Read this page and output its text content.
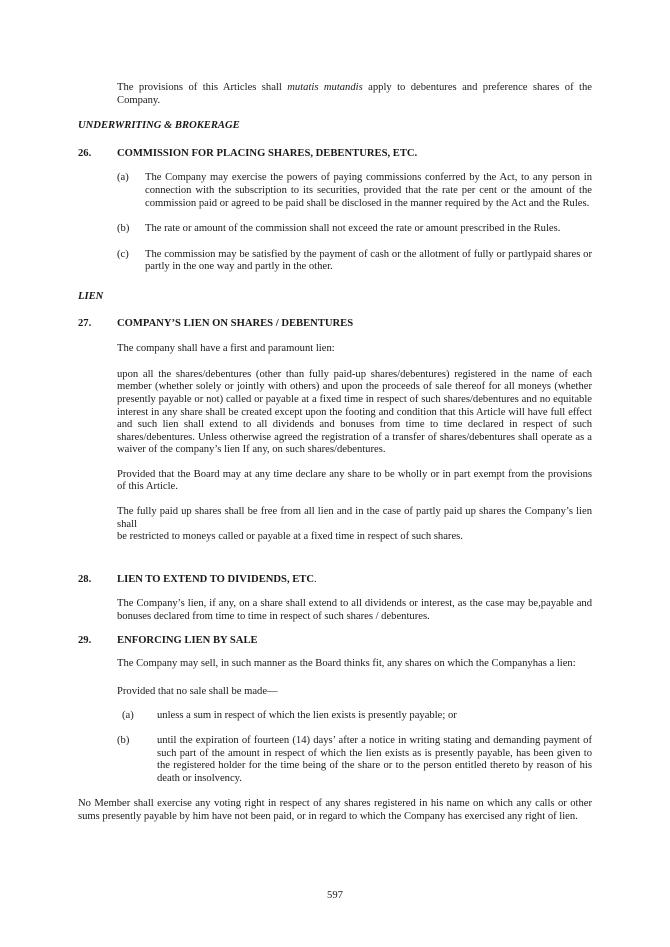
The provisions of this Articles shall mutatis mutandis apply to debentures and preference shares of the Company.

UNDERWRITING & BROKERAGE

26.	COMMISSION FOR PLACING SHARES, DEBENTURES, ETC.

(a)	The Company may exercise the powers of paying commissions conferred by the Act, to any person in connection with the subscription to its securities, provided that the rate per cent or the amount of the commission paid or agreed to be paid shall be disclosed in the manner required by the Act and the Rules.
(b)	The rate or amount of the commission shall not exceed the rate or amount prescribed in the Rules.
(c)	The commission may be satisfied by the payment of cash or the allotment of fully or partlypaid shares or partly in the one way and partly in the other.

LIEN

27.	COMPANY’S LIEN ON SHARES / DEBENTURES

The company shall have a first and paramount lien:

upon all the shares/debentures (other than fully paid-up shares/debentures) registered in the name of each member (whether solely or jointly with others) and upon the proceeds of sale thereof for all moneys (whether presently payable or not) called or payable at a fixed time in respect of such shares/debentures and no equitable interest in any share shall be created except upon the footing and condition that this Article will have full effect and such lien shall extend to all dividends and bonuses from time to time declared in respect of such shares/debentures. Unless otherwise agreed the registration of a transfer of shares/debentures shall operate as a waiver of the company’s lien If any, on such shares/debentures.

Provided that the Board may at any time declare any share to be wholly or in part exempt from the provisions of this Article.

The fully paid up shares shall be free from all lien and in the case of partly paid up shares the Company’s lien shall

be restricted to moneys called or payable at a fixed time in respect of such shares.

28.	LIEN TO EXTEND TO DIVIDENDS, ETC.

The Company’s lien, if any, on a share shall extend to all dividends or interest, as the case may be,payable and bonuses declared from time to time in respect of such shares / debentures.

29.	ENFORCING LIEN BY SALE

The Company may sell, in such manner as the Board thinks fit, any shares on which the Companyhas a lien:

Provided that no sale shall be made—

(a)	unless a sum in respect of which the lien exists is presently payable; or
(b)	until the expiration of fourteen (14) days’ after a notice in writing stating and demanding payment of such part of the amount in respect of which the lien exists as is presently payable, has been given to the registered holder for the time being of the share or to the person entitled thereto by reason of his death or insolvency.

No Member shall exercise any voting right in respect of any shares registered in his name on which any calls or other sums presently payable by him have not been paid, or in regard to which the Company has exercised any right of lien.

597
